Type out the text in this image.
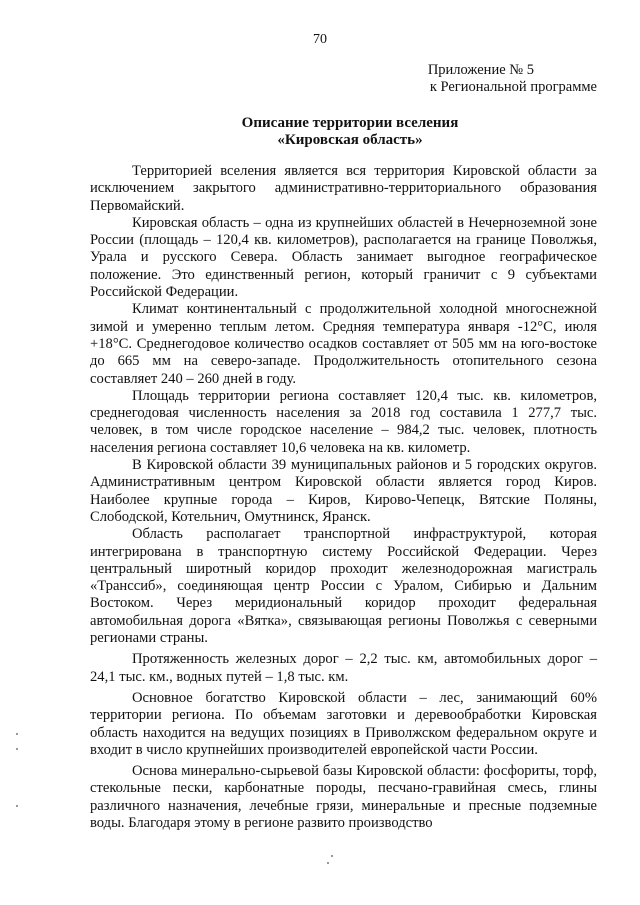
70
Приложение № 5
к Региональной программе
Описание территории вселения
«Кировская область»

Территорией вселения является вся территория Кировской области за исключением закрытого административно-территориального образования Первомайский.

Кировская область – одна из крупнейших областей в Нечерноземной зоне России (площадь – 120,4 кв. километров), располагается на границе Поволжья, Урала и русского Севера. Область занимает выгодное географическое положение. Это единственный регион, который граничит с 9 субъектами Российской Федерации.

Климат континентальный с продолжительной холодной многоснежной зимой и умеренно теплым летом. Средняя температура января -12°С, июля +18°С. Среднегодовое количество осадков составляет от 505 мм на юго-востоке до 665 мм на северо-западе. Продолжительность отопительного сезона составляет 240 – 260 дней в году.

Площадь территории региона составляет 120,4 тыс. кв. километров, среднегодовая численность населения за 2018 год составила 1 277,7 тыс. человек, в том числе городское население – 984,2 тыс. человек, плотность населения региона составляет 10,6 человека на кв. километр.

В Кировской области 39 муниципальных районов и 5 городских округов. Административным центром Кировской области является город Киров. Наиболее крупные города – Киров, Кирово-Чепецк, Вятские Поляны, Слободской, Котельнич, Омутнинск, Яранск.

Область располагает транспортной инфраструктурой, которая интегрирована в транспортную систему Российской Федерации. Через центральный широтный коридор проходит железнодорожная магистраль «Транссиб», соединяющая центр России с Уралом, Сибирью и Дальним Востоком. Через меридиональный коридор проходит федеральная автомобильная дорога «Вятка», связывающая регионы Поволжья с северными регионами страны.

Протяженность железных дорог – 2,2 тыс. км, автомобильных дорог – 24,1 тыс. км., водных путей – 1,8 тыс. км.

Основное богатство Кировской области – лес, занимающий 60% территории региона. По объемам заготовки и деревообработки Кировская область находится на ведущих позициях в Приволжском федеральном округе и входит в число крупнейших производителей европейской части России.

Основа минерально-сырьевой базы Кировской области: фосфориты, торф, стекольные пески, карбонатные породы, песчано-гравийная смесь, глины различного назначения, лечебные грязи, минеральные и пресные подземные воды. Благодаря этому в регионе развито производство
